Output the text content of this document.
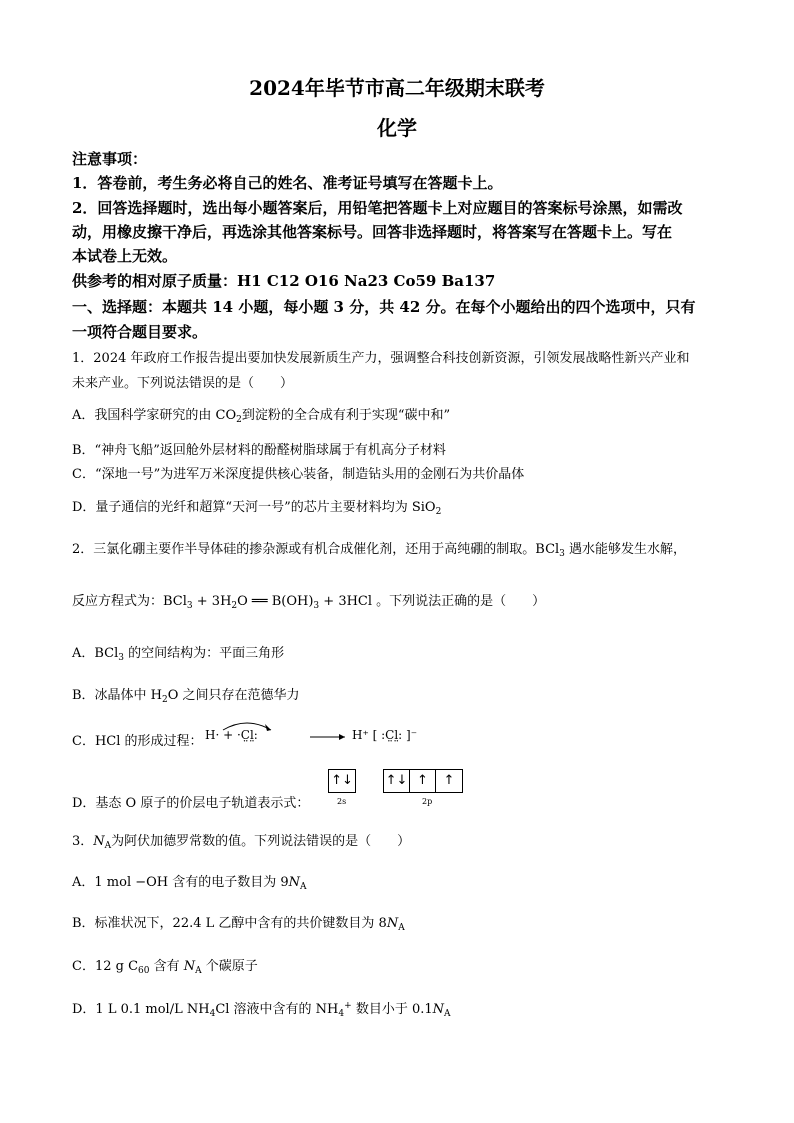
2024年毕节市高二年级期末联考
化学
注意事项：
1．答卷前，考生务必将自己的姓名、准考证号填写在答题卡上。
2．回答选择题时，选出每小题答案后，用铅笔把答题卡上对应题目的答案标号涂黑，如需改
动，用橡皮擦干净后，再选涂其他答案标号。回答非选择题时，将答案写在答题卡上。写在
本试卷上无效。
供参考的相对原子质量：H1 C12 O16 Na23 Co59 Ba137
一、选择题：本题共 14 小题，每小题 3 分，共 42 分。在每个小题给出的四个选项中，只有
一项符合题目要求。
1．2024 年政府工作报告提出要加快发展新质生产力，强调整合科技创新资源，引领发展战略性新兴产业和
未来产业。下列说法错误的是（　　）
A．我国科学家研究的由 $CO_2$到淀粉的全合成有利于实现“碳中和”
B．“神舟飞船”返回舱外层材料的酚醛树脂球属于有机高分子材料
C．“深地一号”为进军万米深度提供核心装备，制造钻头用的金刚石为共价晶体
D．量子通信的光纤和超算“天河一号”的芯片主要材料均为 SiO$_2$
2．三氯化硼主要作半导体硅的掺杂源或有机合成催化剂，还用于高纯硼的制取。BCl$_3$ 遇水能够发生水解，
反应方程式为：$BCl_3 + 3H_2O$ ══ $B(OH)_3 + 3HCl$ 。下列说法正确的是（　　）
A．BCl$_3$ 的空间结构为：平面三角形
B．冰晶体中 $H_2O$ 之间只存在范德华力
C．HCl 的形成过程： H· + ·C̤l̤:	H⁺ [ :C̤l̤: ]⁻
D．基态 O 原子的价层电子轨道表示式：
↑↓	↑↓ ↑	↑
2s	2p
3．$N_A$为阿伏加德罗常数的值。下列说法错误的是（　　）
A．1 mol −OH 含有的电子数目为 $9N_A$
B．标准状况下，22.4 L 乙醇中含有的共价键数目为 $8N_A$
C．12 g $C_{60}$ 含有 $N_A$ 个碳原子
D．1 L 0.1 mol/L $NH_4Cl$ 溶液中含有的 $NH_4^+$ 数目小于 $0.1N_A$
